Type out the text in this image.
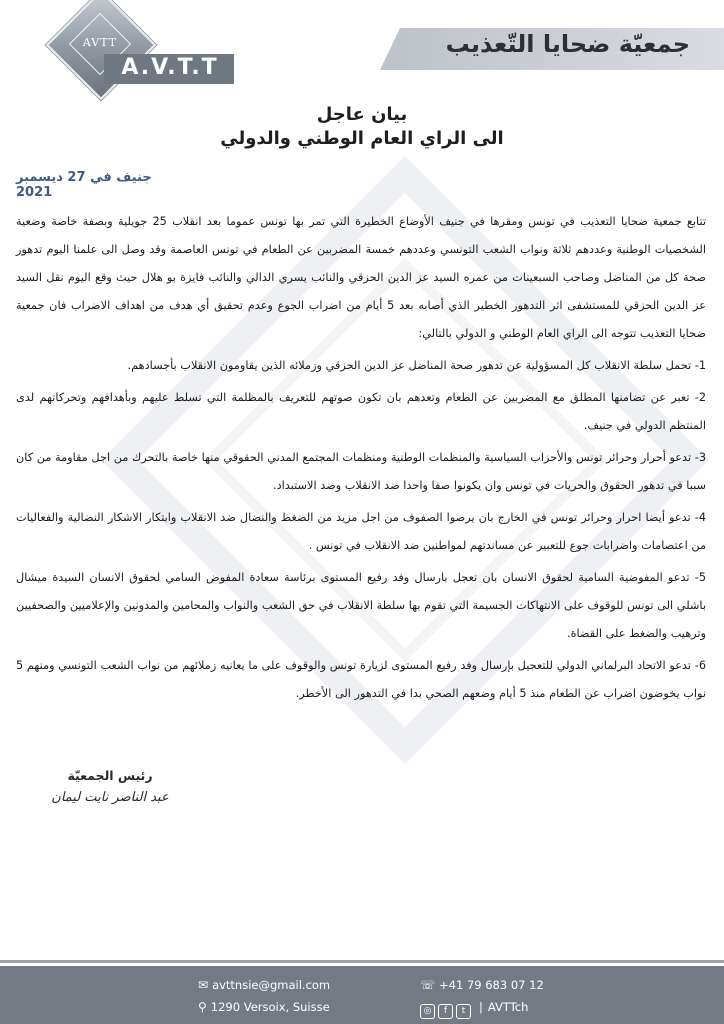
جمعيّة ضحايا التّعذيب
AVTT
A.V.T.T
بيان عاجل
الى الراي العام الوطني والدولي
جنيف في 27 ديسمبر 2021

تتابع جمعية ضحايا التعذيب في تونس ومقرها في جنيف الأوضاع الخطيرة التي تمر بها تونس عموما بعد انقلاب 25 جويلية وبصفة خاصة وضعية الشخصيات الوطنية وعددهم ثلاثة ونواب الشعب التونسي وعددهم خمسة المضربين عن الطعام في تونس العاصمة وقد وصل الى علمنا اليوم تدهور صحة كل من المناضل وصاحب السبعينات من عمره السيد عز الدين الحزقي والنائب يسري الدالي والنائب فايزة بو هلال حيث وقع اليوم نقل السيد عز الدين الحزقي للمستشفى اثر التدهور الخطير الذي أصابه بعد 5 أيام من اضراب الجوع وعدم تحقيق أي هدف من اهداف الاضراب فان جمعية ضحايا التعذيب تتوجه الى الراي العام الوطني و الدولي بالتالي:

1- تحمل سلطة الانقلاب كل المسؤولية عن تدهور صحة المناضل عز الدين الحزقي وزملائه الذين يقاومون الانقلاب بأجسادهم.

2- تعبر عن تضامنها المطلق مع المضربين عن الطعام وتعدهم بان تكون صوتهم للتعريف بالمظلمة التي تسلط عليهم وبأهدافهم وتحركاتهم لدى المنتظم الدولي في جنيف.

3- تدعو أحرار وحرائر تونس والأحزاب السياسية والمنظمات الوطنية ومنظمات المجتمع المدني الحقوقي منها خاصة بالتحرك من اجل مقاومة من كان سببا في تدهور الحقوق والحريات في تونس وان يكونوا صفا واحدا ضد الانقلاب وضد الاستبداد.

4- تدعو أيضا احرار وحرائر تونس في الخارج بان يرصوا الصفوف من اجل مزيد من الضغط والنضال ضد الانقلاب وابتكار الاشكار النضالية والفعاليات من اعتصامات واضرابات جوع للتعبير عن مساندتهم لمواطنين ضد الانقلاب في تونس .

5- تدعو المفوضية السامية لحقوق الانسان بان تعجل بارسال وفد رفيع المستوى برئاسة سعادة المفوض السامي لحقوق الانسان السيدة ميشال باشلي الى تونس للوقوف على الانتهاكات الجسيمة التي تقوم بها سلطة الانقلاب في حق الشعب والنواب والمحامين والمدونين والإعلاميين والصحفيين وترهيب والضغط على القضاة.

6- تدعو الاتحاد البرلماني الدولي للتعجيل بإرسال وفد رفيع المستوى لزيارة تونس والوقوف على ما يعانيه زملائهم من نواب الشعب التونسي ومنهم 5 نواب يخوضون اضراب عن الطعام منذ 5 أيام وضعهم الصحي بدا في التدهور الى الأخطر.

رئيس الجمعيّة
عبد الناصر نايت ليمان
✉ avttnsie@gmail.com
⚲ 1290 Versoix, Suisse
☏ +41 79 683 07 12
◎ f t | AVTTch
